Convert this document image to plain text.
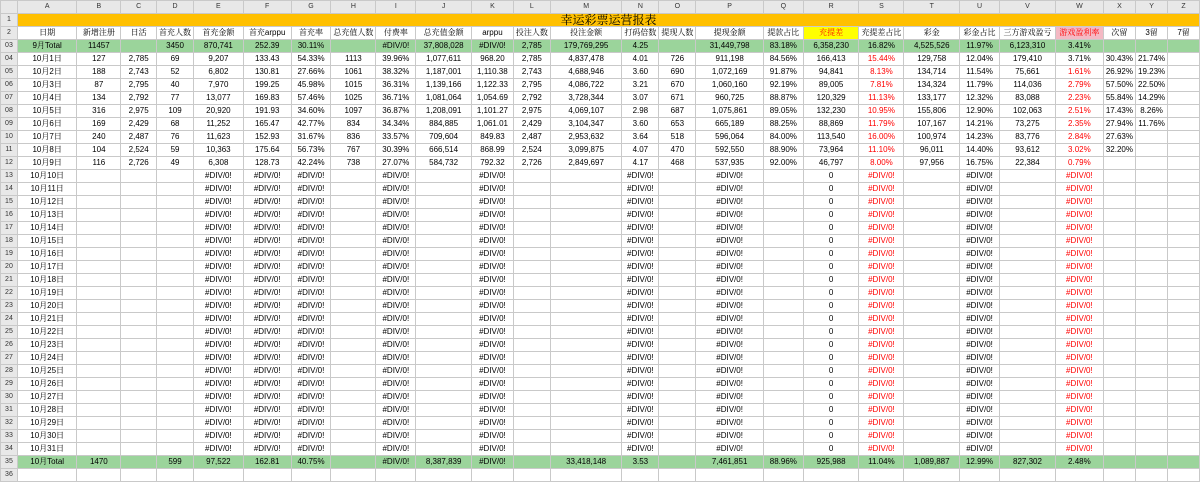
	A	B	C	D	E	F	G	H	I	J	K	L	M	N	O	P	Q	R	S	T	U	V	W	X	Y	Z
1	幸运彩票运营报表																									
2	日期	新增注册	日活	首充人数	首充金额	首充arppu	首充率	总充值人数	付费率	总充值金额	arppu	投注人数	投注金额	打码倍数	提现人数	提现金额	提款占比	充提差	充提差占比	彩金	彩金占比	三方游戏盈亏	游戏盈利率	次留	3留	7留
03	9月Total	11457		3450	870,741	252.39	30.11%		#DIV/0!	37,808,028	#DIV/0!	2,785	179,769,295	4.25		31,449,798	83.18%	6,358,230	16.82%	4,525,526	11.97%	6,123,310	3.41%			
04	10月1日	127	2,785	69	9,207	133.43	54.33%	1113	39.96%	1,077,611	968.20	2,785	4,837,478	4.01	726	911,198	84.56%	166,413	15.44%	129,758	12.04%	179,410	3.71%	30.43%	21.74%	
05	10月2日	188	2,743	52	6,802	130.81	27.66%	1061	38.32%	1,187,001	1,110.38	2,743	4,688,946	3.60	690	1,072,169	91.87%	94,841	8.13%	134,714	11.54%	75,661	1.61%	26.92%	19.23%	
06	10月3日	87	2,795	40	7,970	199.25	45.98%	1015	36.31%	1,139,166	1,122.33	2,795	4,086,722	3.21	670	1,060,160	92.19%	89,005	7.81%	134,324	11.79%	114,036	2.79%	57.50%	22.50%	
07	10月4日	134	2,792	77	13,077	169.83	57.46%	1025	36.71%	1,081,064	1,054.69	2,792	3,728,344	3.07	671	960,725	88.87%	120,329	11.13%	133,177	12.32%	83,088	2.23%	55.84%	14.29%	
08	10月5日	316	2,975	109	20,920	191.93	34.60%	1097	36.87%	1,208,091	1,101.27	2,975	4,069,107	2.98	687	1,075,861	89.05%	132,230	10.95%	155,806	12.90%	102,063	2.51%	17.43%	8.26%	
09	10月6日	169	2,429	68	11,252	165.47	42.77%	834	34.34%	884,885	1,061.01	2,429	3,104,347	3.60	653	665,189	88.25%	88,869	11.79%	107,167	14.21%	73,275	2.35%	27.94%	11.76%	
10	10月7日	240	2,487	76	11,623	152.93	31.67%	836	33.57%	709,604	849.83	2,487	2,953,632	3.64	518	596,064	84.00%	113,540	16.00%	100,974	14.23%	83,776	2.84%	27.63%		
11	10月8日	104	2,524	59	10,363	175.64	56.73%	767	30.39%	666,514	868.99	2,524	3,099,875	4.07	470	592,550	88.90%	73,964	11.10%	96,011	14.40%	93,612	3.02%	32.20%		
12	10月9日	116	2,726	49	6,308	128.73	42.24%	738	27.07%	584,732	792.32	2,726	2,849,697	4.17	468	537,935	92.00%	46,797	8.00%	97,956	16.75%	22,384	0.79%			
13	10月10日				#DIV/0!	#DIV/0!	#DIV/0!		#DIV/0!		#DIV/0!			#DIV/0!		#DIV/0!		0	#DIV/0!		#DIV/0!		#DIV/0!			
14	10月11日				#DIV/0!	#DIV/0!	#DIV/0!		#DIV/0!		#DIV/0!			#DIV/0!		#DIV/0!		0	#DIV/0!		#DIV/0!		#DIV/0!			
15	10月12日				#DIV/0!	#DIV/0!	#DIV/0!		#DIV/0!		#DIV/0!			#DIV/0!		#DIV/0!		0	#DIV/0!		#DIV/0!		#DIV/0!			
16	10月13日				#DIV/0!	#DIV/0!	#DIV/0!		#DIV/0!		#DIV/0!			#DIV/0!		#DIV/0!		0	#DIV/0!		#DIV/0!		#DIV/0!			
17	10月14日				#DIV/0!	#DIV/0!	#DIV/0!		#DIV/0!		#DIV/0!			#DIV/0!		#DIV/0!		0	#DIV/0!		#DIV/0!		#DIV/0!			
18	10月15日				#DIV/0!	#DIV/0!	#DIV/0!		#DIV/0!		#DIV/0!			#DIV/0!		#DIV/0!		0	#DIV/0!		#DIV/0!		#DIV/0!			
19	10月16日				#DIV/0!	#DIV/0!	#DIV/0!		#DIV/0!		#DIV/0!			#DIV/0!		#DIV/0!		0	#DIV/0!		#DIV/0!		#DIV/0!			
20	10月17日				#DIV/0!	#DIV/0!	#DIV/0!		#DIV/0!		#DIV/0!			#DIV/0!		#DIV/0!		0	#DIV/0!		#DIV/0!		#DIV/0!			
21	10月18日				#DIV/0!	#DIV/0!	#DIV/0!		#DIV/0!		#DIV/0!			#DIV/0!		#DIV/0!		0	#DIV/0!		#DIV/0!		#DIV/0!			
22	10月19日				#DIV/0!	#DIV/0!	#DIV/0!		#DIV/0!		#DIV/0!			#DIV/0!		#DIV/0!		0	#DIV/0!		#DIV/0!		#DIV/0!			
23	10月20日				#DIV/0!	#DIV/0!	#DIV/0!		#DIV/0!		#DIV/0!			#DIV/0!		#DIV/0!		0	#DIV/0!		#DIV/0!		#DIV/0!			
24	10月21日				#DIV/0!	#DIV/0!	#DIV/0!		#DIV/0!		#DIV/0!			#DIV/0!		#DIV/0!		0	#DIV/0!		#DIV/0!		#DIV/0!			
25	10月22日				#DIV/0!	#DIV/0!	#DIV/0!		#DIV/0!		#DIV/0!			#DIV/0!		#DIV/0!		0	#DIV/0!		#DIV/0!		#DIV/0!			
26	10月23日				#DIV/0!	#DIV/0!	#DIV/0!		#DIV/0!		#DIV/0!			#DIV/0!		#DIV/0!		0	#DIV/0!		#DIV/0!		#DIV/0!			
27	10月24日				#DIV/0!	#DIV/0!	#DIV/0!		#DIV/0!		#DIV/0!			#DIV/0!		#DIV/0!		0	#DIV/0!		#DIV/0!		#DIV/0!			
28	10月25日				#DIV/0!	#DIV/0!	#DIV/0!		#DIV/0!		#DIV/0!			#DIV/0!		#DIV/0!		0	#DIV/0!		#DIV/0!		#DIV/0!			
29	10月26日				#DIV/0!	#DIV/0!	#DIV/0!		#DIV/0!		#DIV/0!			#DIV/0!		#DIV/0!		0	#DIV/0!		#DIV/0!		#DIV/0!			
30	10月27日				#DIV/0!	#DIV/0!	#DIV/0!		#DIV/0!		#DIV/0!			#DIV/0!		#DIV/0!		0	#DIV/0!		#DIV/0!		#DIV/0!			
31	10月28日				#DIV/0!	#DIV/0!	#DIV/0!		#DIV/0!		#DIV/0!			#DIV/0!		#DIV/0!		0	#DIV/0!		#DIV/0!		#DIV/0!			
32	10月29日				#DIV/0!	#DIV/0!	#DIV/0!		#DIV/0!		#DIV/0!			#DIV/0!		#DIV/0!		0	#DIV/0!		#DIV/0!		#DIV/0!			
33	10月30日				#DIV/0!	#DIV/0!	#DIV/0!		#DIV/0!		#DIV/0!			#DIV/0!		#DIV/0!		0	#DIV/0!		#DIV/0!		#DIV/0!			
34	10月31日				#DIV/0!	#DIV/0!	#DIV/0!		#DIV/0!		#DIV/0!			#DIV/0!		#DIV/0!		0	#DIV/0!		#DIV/0!		#DIV/0!			
35	10月Total	1470		599	97,522	162.81	40.75%		#DIV/0!	8,387,839	#DIV/0!		33,418,148	3.53		7,461,851	88.96%	925,988	11.04%	1,089,887	12.99%	827,302	2.48%			
36																										
